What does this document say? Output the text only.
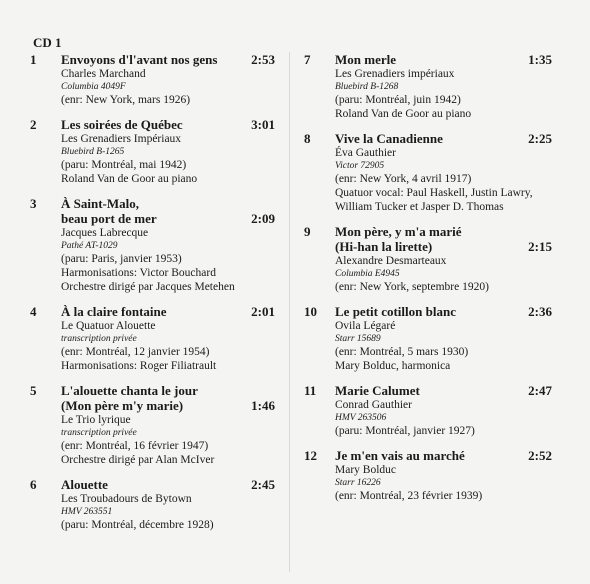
CD 1
1	Envoyons d'l'avant nos gens	2:53
Charles Marchand
Columbia 4049F
(enr: New York, mars 1926)
2	Les soirées de Québec	3:01
Les Grenadiers Impériaux
Bluebird B-1265
(paru: Montréal, mai 1942)
Roland Van de Goor au piano
3	À Saint-Malo,
beau port de mer	2:09
Jacques Labrecque
Pathé AT-1029
(paru: Paris, janvier 1953)
Harmonisations: Victor Bouchard
Orchestre dirigé par Jacques Metehen
4	À la claire fontaine	2:01
Le Quatuor Alouette
transcription privée
(enr: Montréal, 12 janvier 1954)
Harmonisations: Roger Filiatrault
5	L'alouette chanta le jour
(Mon père m'y marie)	1:46
Le Trio lyrique
transcription privée
(enr: Montréal, 16 février 1947)
Orchestre dirigé par Alan McIver
6	Alouette	2:45
Les Troubadours de Bytown
HMV 263551
(paru: Montréal, décembre 1928)
7	Mon merle	1:35
Les Grenadiers impériaux
Bluebird B-1268
(paru: Montréal, juin 1942)
Roland Van de Goor au piano
8	Vive la Canadienne	2:25
Éva Gauthier
Victor 72905
(enr: New York, 4 avril 1917)
Quatuor vocal: Paul Haskell, Justin Lawry,
William Tucker et Jasper D. Thomas
9	Mon père, y m'a marié
(Hi-han la lirette)	2:15
Alexandre Desmarteaux
Columbia E4945
(enr: New York, septembre 1920)
10	Le petit cotillon blanc	2:36
Ovila Légaré
Starr 15689
(enr: Montréal, 5 mars 1930)
Mary Bolduc, harmonica
11	Marie Calumet	2:47
Conrad Gauthier
HMV 263506
(paru: Montréal, janvier 1927)
12	Je m'en vais au marché	2:52
Mary Bolduc
Starr 16226
(enr: Montréal, 23 février 1939)
